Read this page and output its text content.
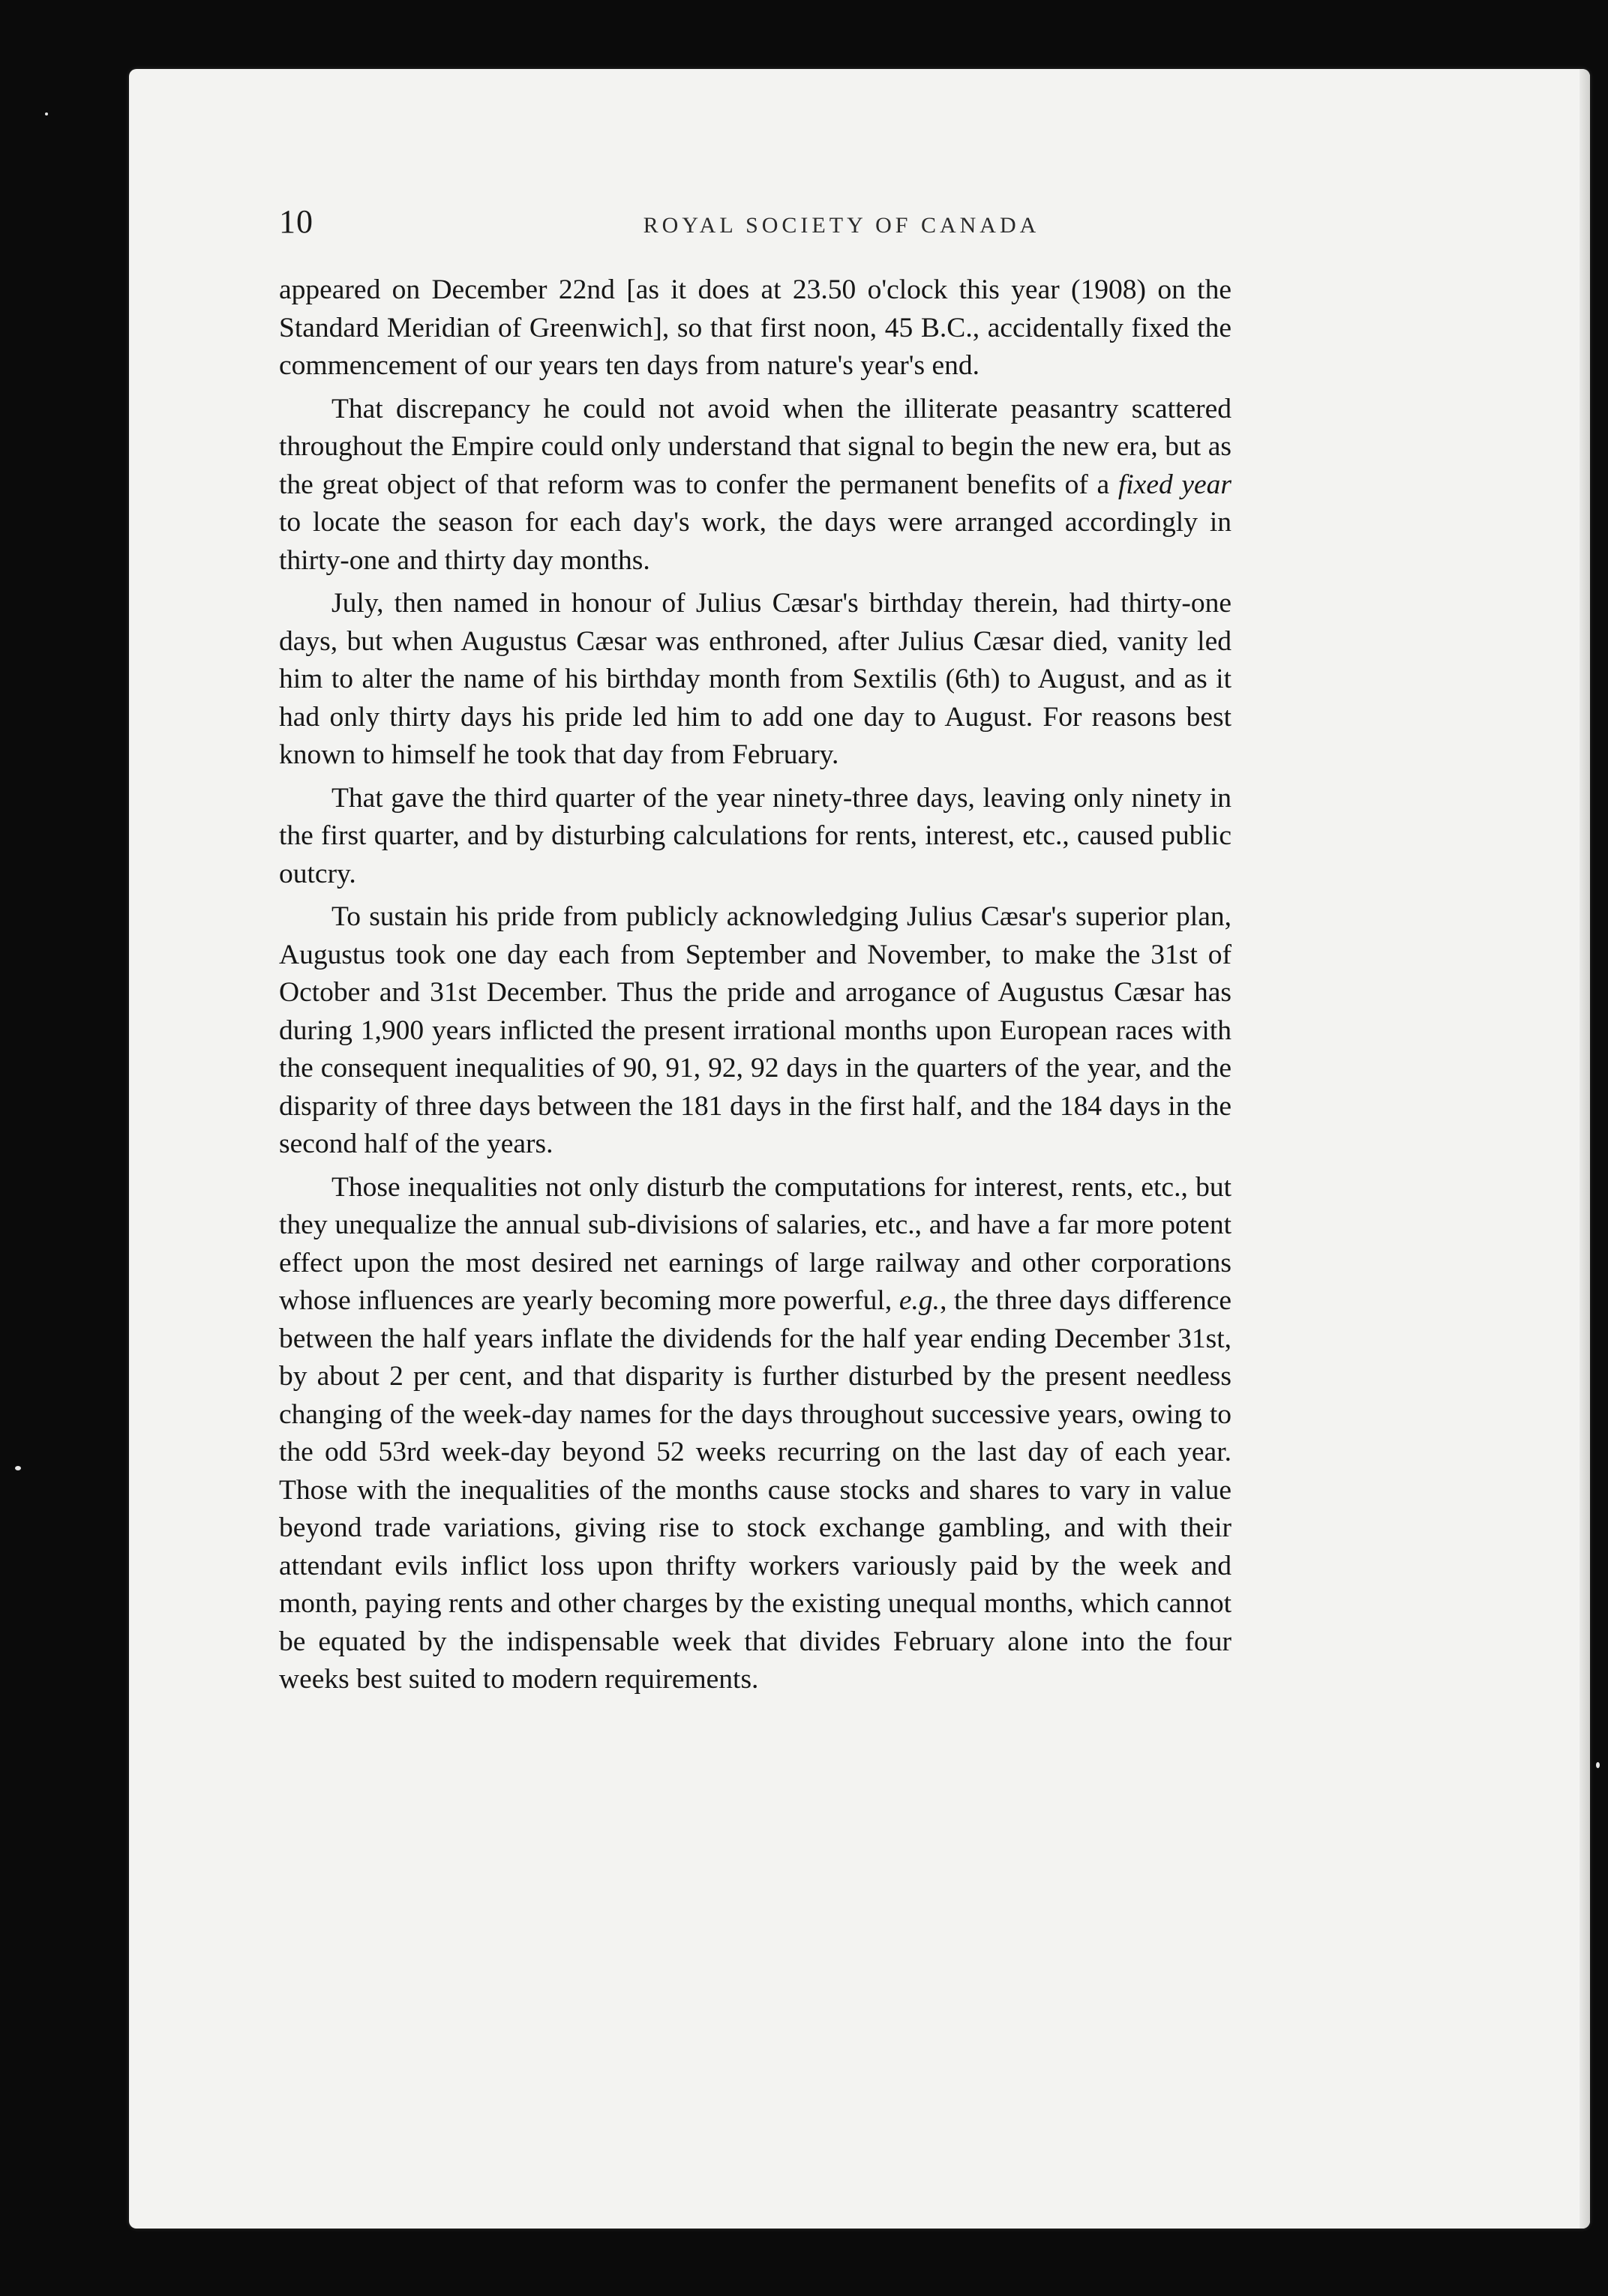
10	ROYAL SOCIETY OF CANADA

appeared on December 22nd [as it does at 23.50 o'clock this year (1908) on the Standard Meridian of Greenwich], so that first noon, 45 B.C., accidentally fixed the commencement of our years ten days from nature's year's end.

That discrepancy he could not avoid when the illiterate peasantry scattered throughout the Empire could only understand that signal to begin the new era, but as the great object of that reform was to confer the permanent benefits of a fixed year to locate the season for each day's work, the days were arranged accordingly in thirty-one and thirty day months.

July, then named in honour of Julius Cæsar's birthday therein, had thirty-one days, but when Augustus Cæsar was enthroned, after Julius Cæsar died, vanity led him to alter the name of his birthday month from Sextilis (6th) to August, and as it had only thirty days his pride led him to add one day to August. For reasons best known to himself he took that day from February.

That gave the third quarter of the year ninety-three days, leaving only ninety in the first quarter, and by disturbing calculations for rents, interest, etc., caused public outcry.

To sustain his pride from publicly acknowledging Julius Cæsar's superior plan, Augustus took one day each from September and November, to make the 31st of October and 31st December. Thus the pride and arrogance of Augustus Cæsar has during 1,900 years inflicted the present irrational months upon European races with the consequent inequalities of 90, 91, 92, 92 days in the quarters of the year, and the disparity of three days between the 181 days in the first half, and the 184 days in the second half of the years.

Those inequalities not only disturb the computations for interest, rents, etc., but they unequalize the annual sub-divisions of salaries, etc., and have a far more potent effect upon the most desired net earnings of large railway and other corporations whose influences are yearly becoming more powerful, e.g., the three days difference between the half years inflate the dividends for the half year ending December 31st, by about 2 per cent, and that disparity is further disturbed by the present needless changing of the week-day names for the days throughout successive years, owing to the odd 53rd week-day beyond 52 weeks recurring on the last day of each year. Those with the inequalities of the months cause stocks and shares to vary in value beyond trade variations, giving rise to stock exchange gambling, and with their attendant evils inflict loss upon thrifty workers variously paid by the week and month, paying rents and other charges by the existing unequal months, which cannot be equated by the indispensable week that divides February alone into the four weeks best suited to modern requirements.
